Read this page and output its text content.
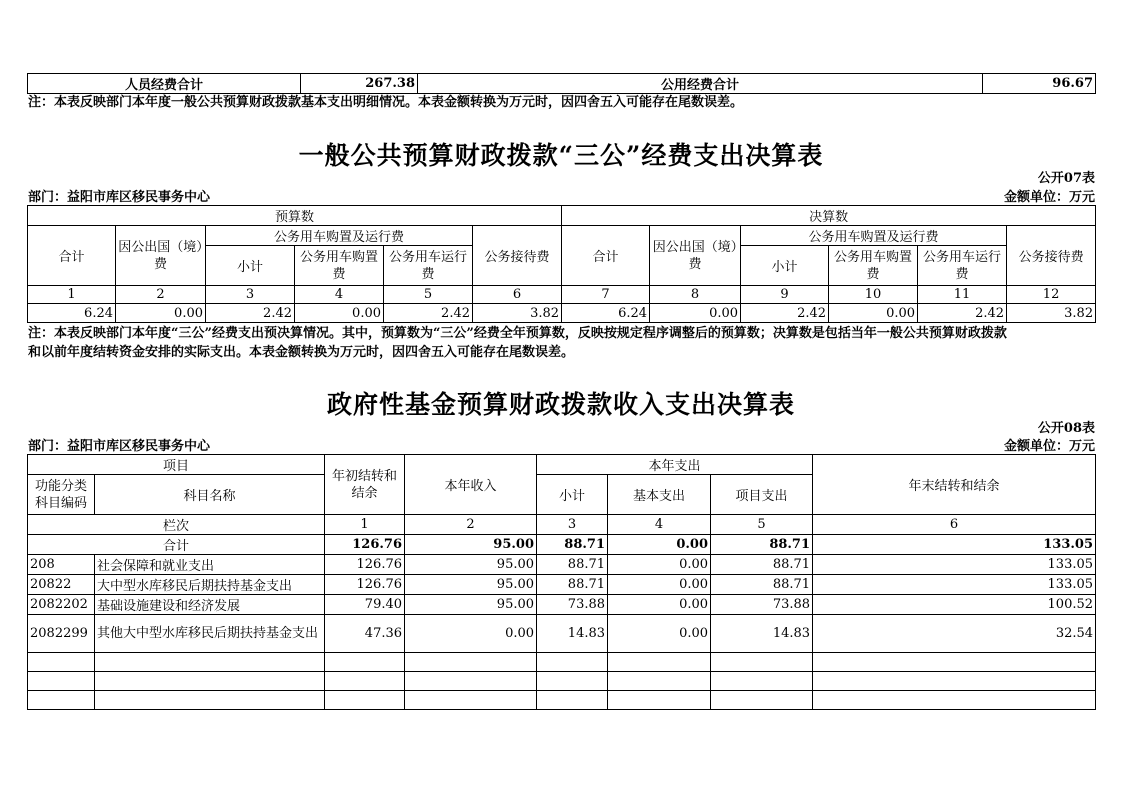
人员经费合计	267.38	公用经费合计	96.67

注：本表反映部门本年度一般公共预算财政拨款基本支出明细情况。本表金额转换为万元时，因四舍五入可能存在尾数误差。

一般公共预算财政拨款“三公”经费支出决算表

公开07表

部门：益阳市库区移民事务中心	金额单位：万元

预算数						决算数					
合计	因公出国（境）费	公务用车购置及运行费			公务接待费	合计	因公出国（境）费	公务用车购置及运行费			公务接待费
		小计	公务用车购置费	公务用车运行费				小计	公务用车购置费	公务用车运行费	
1	2	3	4	5	6	7	8	9	10	11	12
6.24	0.00	2.42	0.00	2.42	3.82	6.24	0.00	2.42	0.00	2.42	3.82

注：本表反映部门本年度“三公”经费支出预决算情况。其中，预算数为“三公”经费全年预算数，反映按规定程序调整后的预算数；决算数是包括当年一般公共预算财政拨款

和以前年度结转资金安排的实际支出。本表金额转换为万元时，因四舍五入可能存在尾数误差。

政府性基金预算财政拨款收入支出决算表

公开08表

部门：益阳市库区移民事务中心	金额单位：万元

项目		年初结转和结余	本年收入	本年支出			年末结转和结余
功能分类科目编码	科目名称			小计	基本支出	项目支出	
栏次		1	2	3	4	5	6
合计		126.76	95.00	88.71	0.00	88.71	133.05
208	社会保障和就业支出	126.76	95.00	88.71	0.00	88.71	133.05
20822	大中型水库移民后期扶持基金支出	126.76	95.00	88.71	0.00	88.71	133.05
2082202	基础设施建设和经济发展	79.40	95.00	73.88	0.00	73.88	100.52
2082299	其他大中型水库移民后期扶持基金支出	47.36	0.00	14.83	0.00	14.83	32.54
